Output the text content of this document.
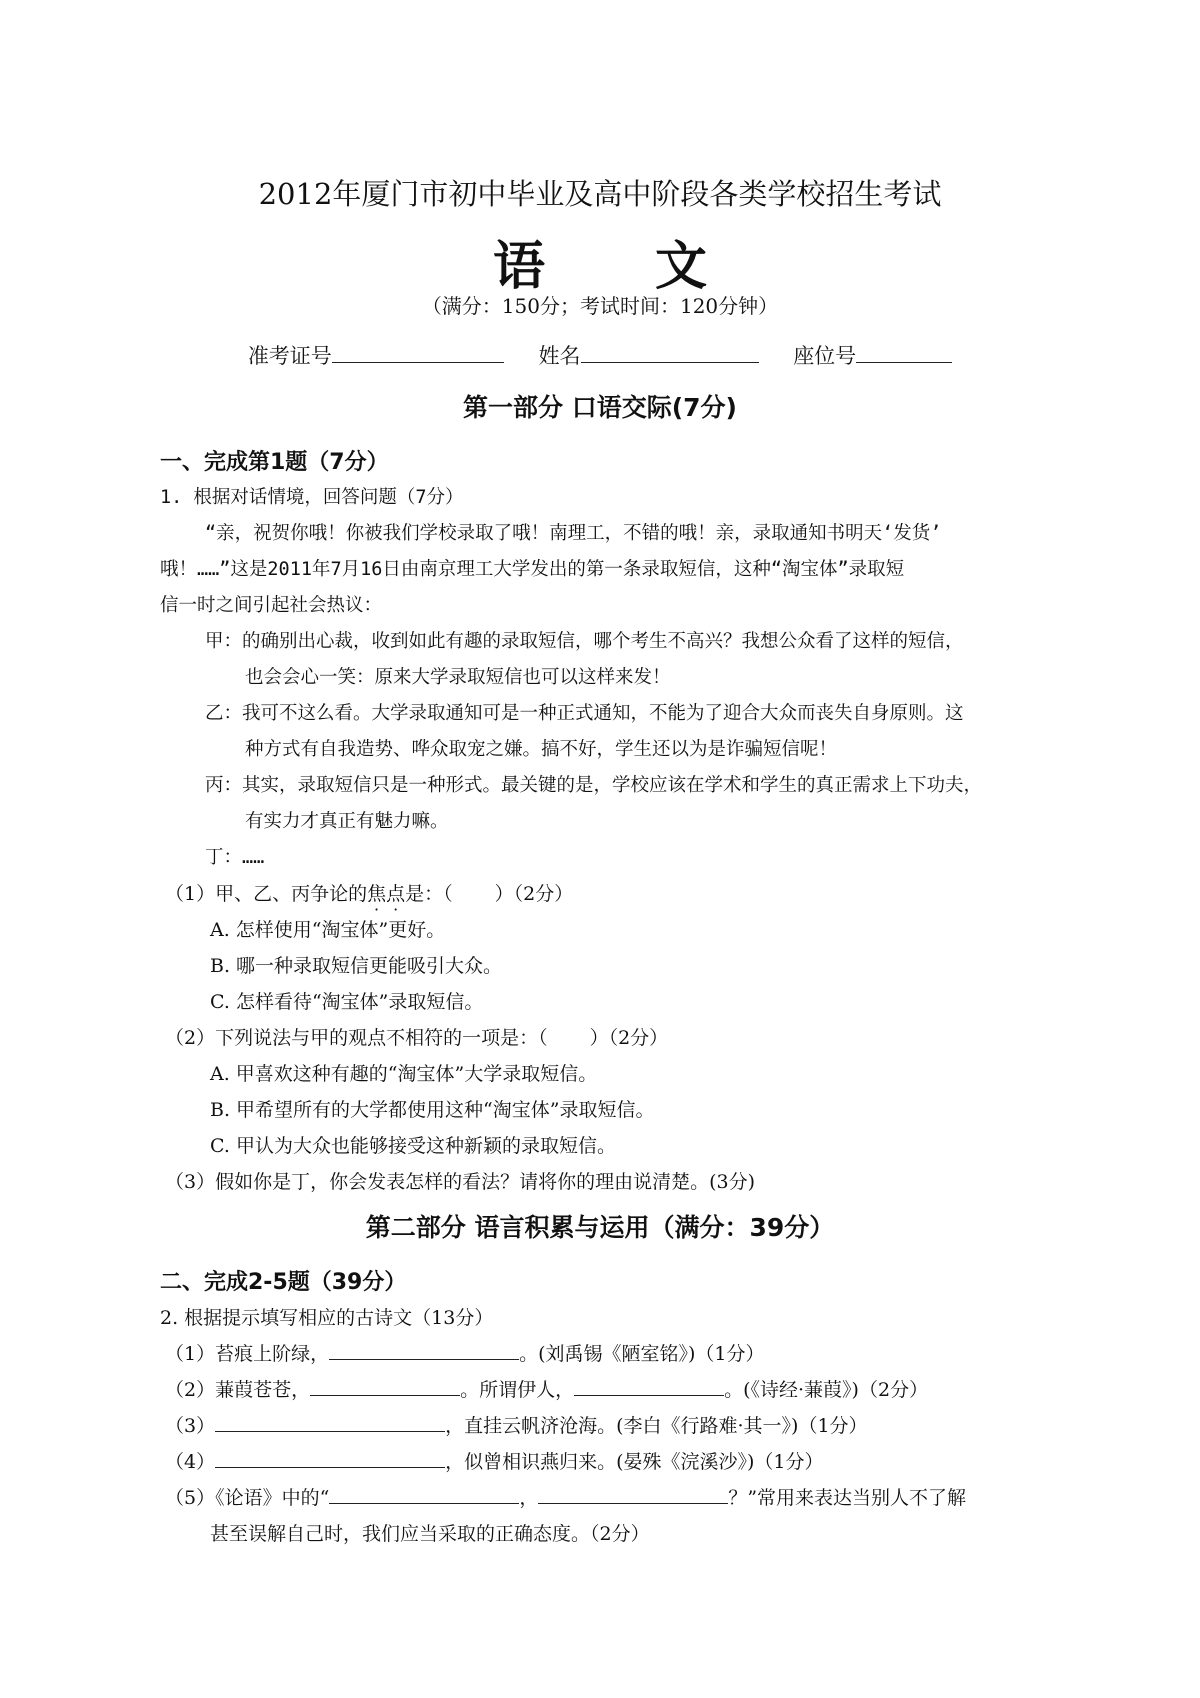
2012年厦门市初中毕业及高中阶段各类学校招生考试
语 文
（满分：150分；考试时间：120分钟）
准考证号	姓名	座位号
第一部分 口语交际(7分)
一、完成第1题（7分）
1. 根据对话情境，回答问题（7分）
“亲，祝贺你哦！你被我们学校录取了哦！南理工，不错的哦！亲，录取通知书明天‘发货’
哦！……”这是2011年7月16日由南京理工大学发出的第一条录取短信，这种“淘宝体”录取短
信一时之间引起社会热议：
甲：的确别出心裁，收到如此有趣的录取短信，哪个考生不高兴？我想公众看了这样的短信，
也会会心一笑：原来大学录取短信也可以这样来发！
乙：我可不这么看。大学录取通知可是一种正式通知，不能为了迎合大众而丧失自身原则。这
种方式有自我造势、哗众取宠之嫌。搞不好，学生还以为是诈骗短信呢！
丙：其实，录取短信只是一种形式。最关键的是，学校应该在学术和学生的真正需求上下功夫，
有实力才真正有魅力嘛。
丁：……
（1）甲、乙、丙争论的焦点是：（ ）（2分）
A. 怎样使用“淘宝体”更好。
B. 哪一种录取短信更能吸引大众。
C. 怎样看待“淘宝体”录取短信。
（2）下列说法与甲的观点不相符的一项是：（ ）（2分）
A. 甲喜欢这种有趣的“淘宝体”大学录取短信。
B. 甲希望所有的大学都使用这种“淘宝体”录取短信。
C. 甲认为大众也能够接受这种新颖的录取短信。
（3）假如你是丁，你会发表怎样的看法？请将你的理由说清楚。(3分)
第二部分 语言积累与运用（满分：39分）
二、完成2-5题（39分）
2. 根据提示填写相应的古诗文（13分）
（1）苔痕上阶绿，	。(刘禹锡《陋室铭》)（1分）
（2）蒹葭苍苍，	。所谓伊人，	。(《诗经·蒹葭》)（2分）
（3）	，直挂云帆济沧海。(李白《行路难·其一》)（1分）
（4）	，似曾相识燕归来。(晏殊《浣溪沙》)（1分）
（5）《论语》中的“	，	？”常用来表达当别人不了解
甚至误解自己时，我们应当采取的正确态度。（2分）
